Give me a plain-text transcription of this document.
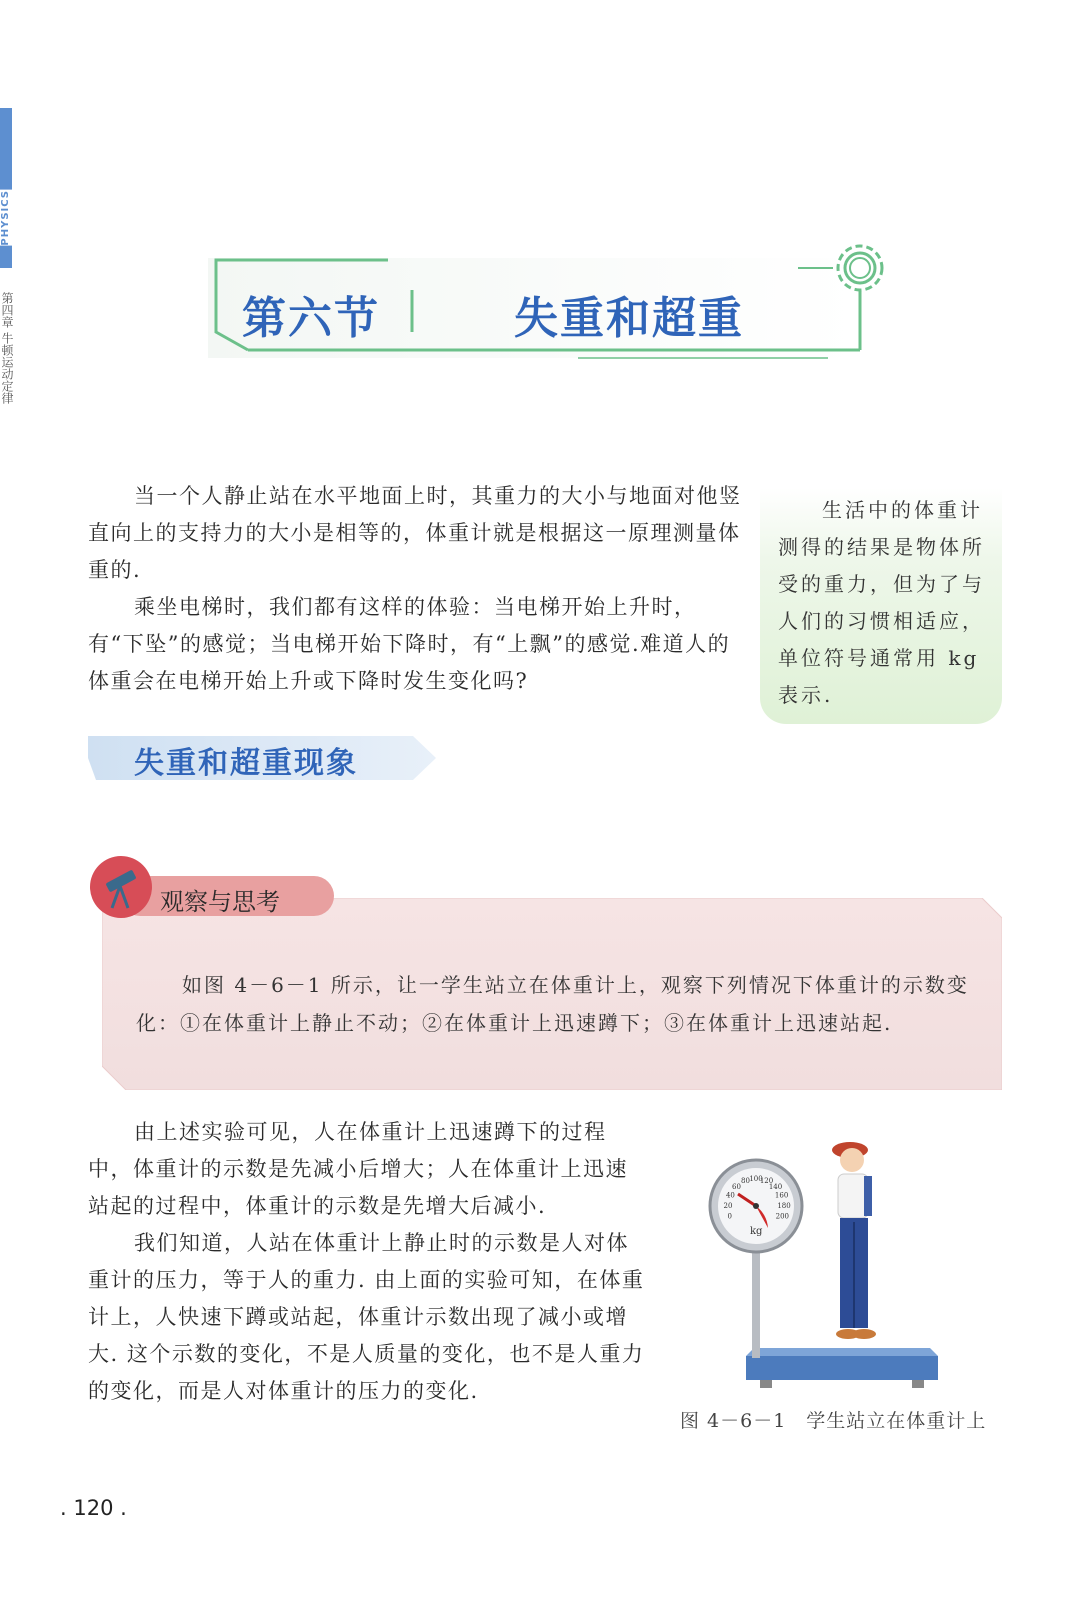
PHYSICS
第四章 牛顿运动定律	第六节	失重和超重
当一个人静止站在水平地面上时，其重力的大小与地面对他竖直向上的支持力的大小是相等的，体重计就是根据这一原理测量体重的.
乘坐电梯时，我们都有这样的体验：当电梯开始上升时，有“下坠”的感觉；当电梯开始下降时，有“上飘”的感觉.难道人的体重会在电梯开始上升或下降时发生变化吗?
生活中的体重计测得的结果是物体所受的重力，但为了与人们的习惯相适应，单位符号通常用 kg 表示.
失重和超重现象
如图 4－6－1 所示，让一学生站立在体重计上，观察下列情况下体重计的示数变化：①在体重计上静止不动；②在体重计上迅速蹲下；③在体重计上迅速站起.
观察与思考
由上述实验可见，人在体重计上迅速蹲下的过程中，体重计的示数是先减小后增大；人在体重计上迅速站起的过程中，体重计的示数是先增大后减小.
我们知道，人站在体重计上静止时的示数是人对体重计的压力，等于人的重力. 由上面的实验可知，在体重计上，人快速下蹲或站起，体重计示数出现了减小或增大. 这个示数的变化，不是人质量的变化，也不是人重力的变化，而是人对体重计的压力的变化.
kg
0
20
40
60
80 100
120
140
160
180
200
图 4－6－1　学生站立在体重计上
. 120 .
